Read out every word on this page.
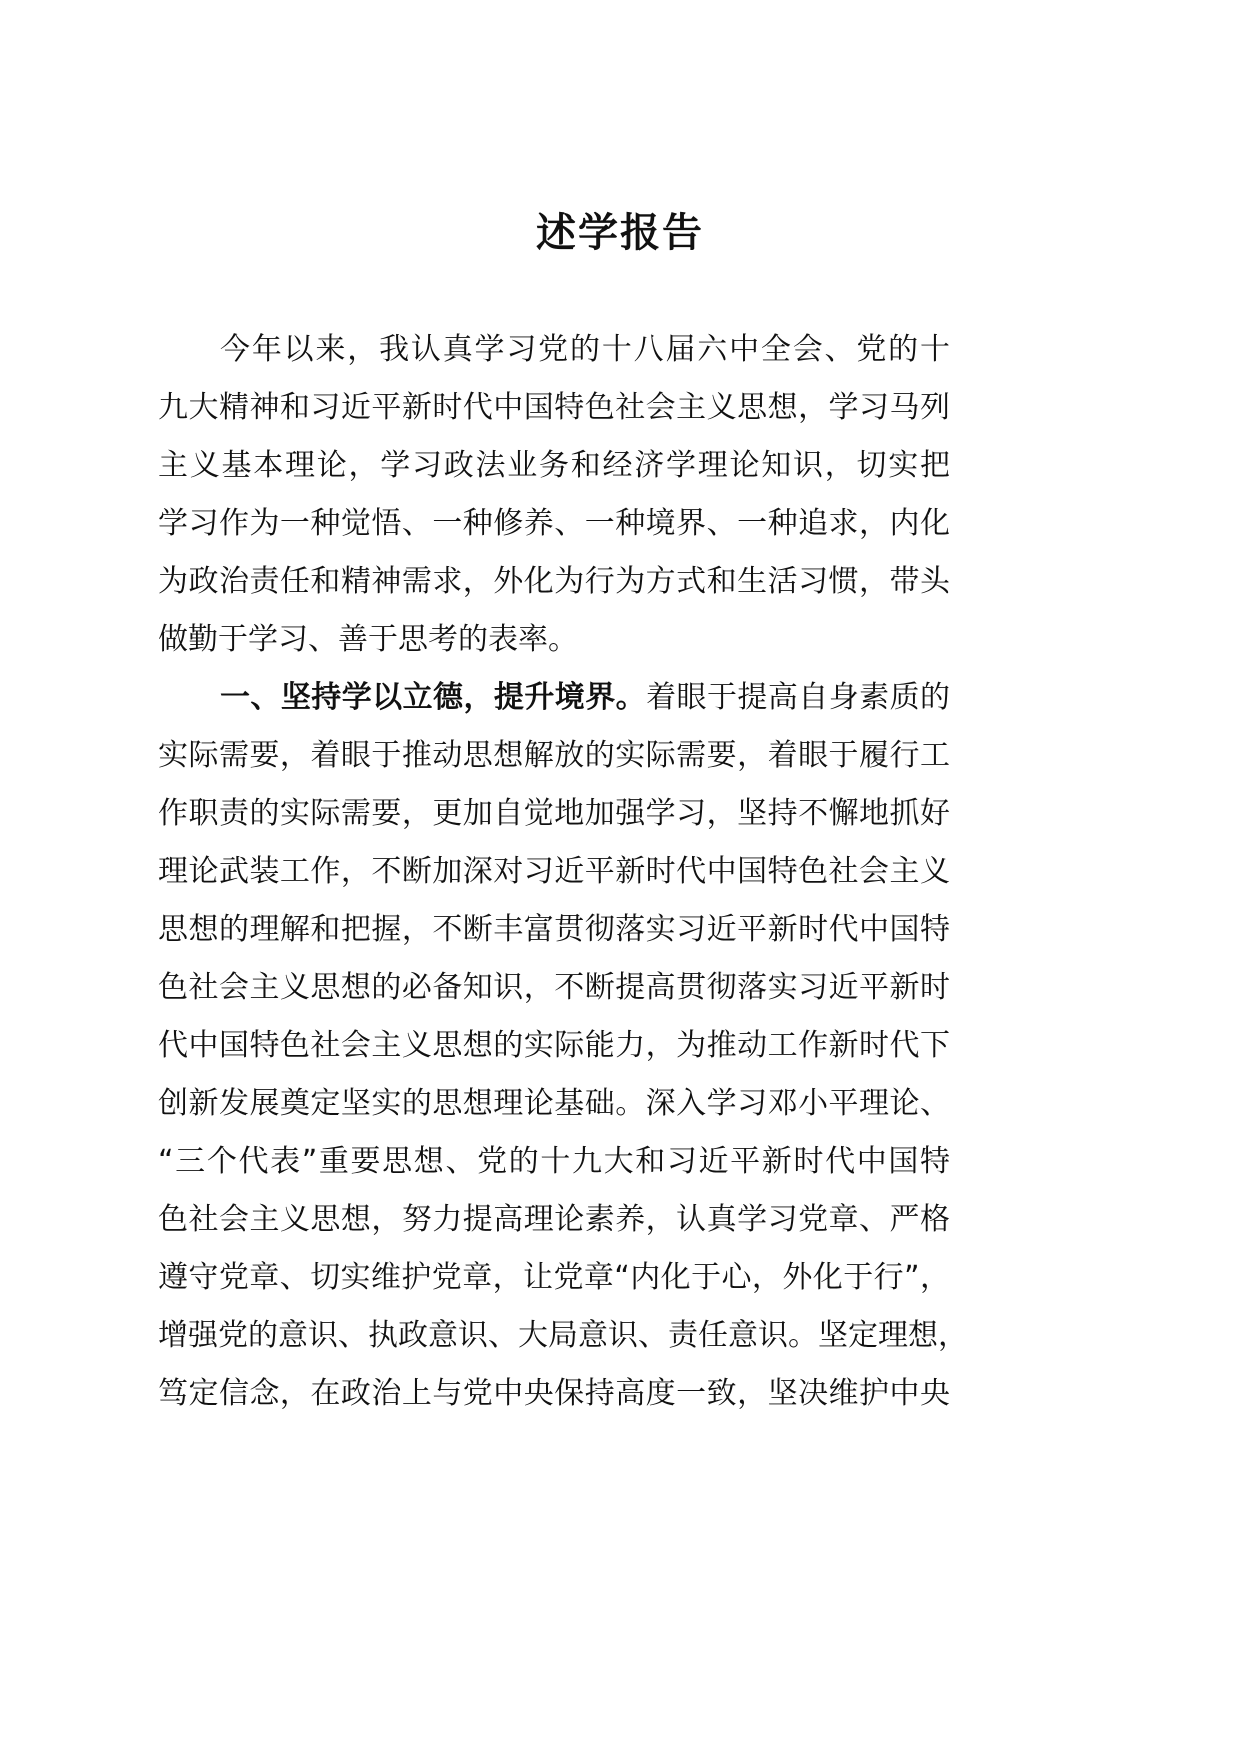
述学报告
今年以来，我认真学习党的十八届六中全会、党的十
九大精神和习近平新时代中国特色社会主义思想，学习马列
主义基本理论，学习政法业务和经济学理论知识，切实把
学习作为一种觉悟、一种修养、一种境界、一种追求，内化
为政治责任和精神需求，外化为行为方式和生活习惯，带头
做勤于学习、善于思考的表率。
一、坚持学以立德，提升境界。着眼于提高自身素质的
实际需要，着眼于推动思想解放的实际需要，着眼于履行工
作职责的实际需要，更加自觉地加强学习，坚持不懈地抓好
理论武装工作，不断加深对习近平新时代中国特色社会主义
思想的理解和把握，不断丰富贯彻落实习近平新时代中国特
色社会主义思想的必备知识，不断提高贯彻落实习近平新时
代中国特色社会主义思想的实际能力，为推动工作新时代下
创新发展奠定坚实的思想理论基础。深入学习邓小平理论、
“三个代表”重要思想、党的十九大和习近平新时代中国特
色社会主义思想，努力提高理论素养，认真学习党章、严格
遵守党章、切实维护党章，让党章“内化于心，外化于行”，
增强党的意识、执政意识、大局意识、责任意识。坚定理想，
笃定信念，在政治上与党中央保持高度一致，坚决维护中央
